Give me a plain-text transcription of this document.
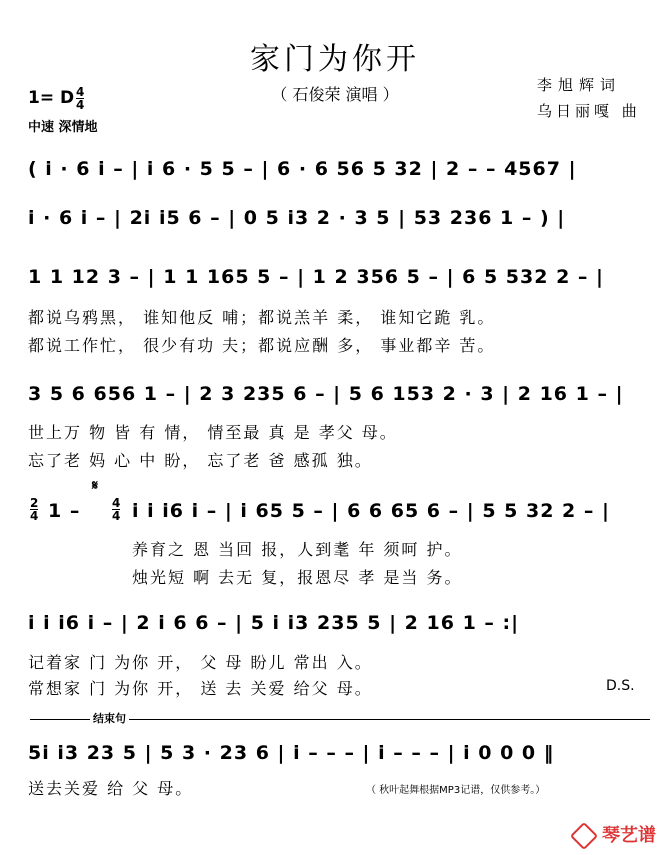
家门为你开
（ 石俊荣 演唱 ）	李旭辉词
乌日丽嘎 曲
1= D 4
4
中速 深情地
( i · 6 i – | i 6 · 5 5 – | 6 · 6 56 5 32 | 2 – – 4567 |
i · 6 i – | 2i i5 6 – | 0 5 i3 2 · 3 5 | 53 236 1 – ) |
1 1 12 3 – | 1 1 165 5 – | 1 2 356 5 – | 6 5 532 2 – |
都说乌鸦黑， 谁知他反 哺；都说羔羊 柔， 谁知它跪 乳。
都说工作忙， 很少有功 夫；都说应酬 多， 事业都辛 苦。
3 5 6 656 1 – | 2 3 235 6 – | 5 6 153 2 · 3 | 2 16 1 – |
世上万 物 皆 有 情， 情至最 真 是 孝父 母。
忘了老 妈 心 中 盼， 忘了老 爸 感孤 独。
2
4 1 –
𝄋
4
4 i i i6 i – | i 65 5 – | 6 6 65 6 – | 5 5 32 2 – |
养育之 恩 当回 报，人到耄 年 须呵 护。
烛光短 啊 去无 复，报恩尽 孝 是当 务。
i i i6 i – | 2 i 6 6 – | 5 i i3 235 5 | 2 16 1 – :|
记着家 门 为你 开， 父 母 盼儿 常出 入。
常想家 门 为你 开， 送 去 关爱 给父 母。	D.S.
结束句
5i i3 23 5 | 5 3 · 23 6 | i – – – | i – – – | i 0 0 0 ‖
送去关爱 给 父 母。	（ 秋叶起舞根据MP3记谱，仅供参考。）
琴艺谱
